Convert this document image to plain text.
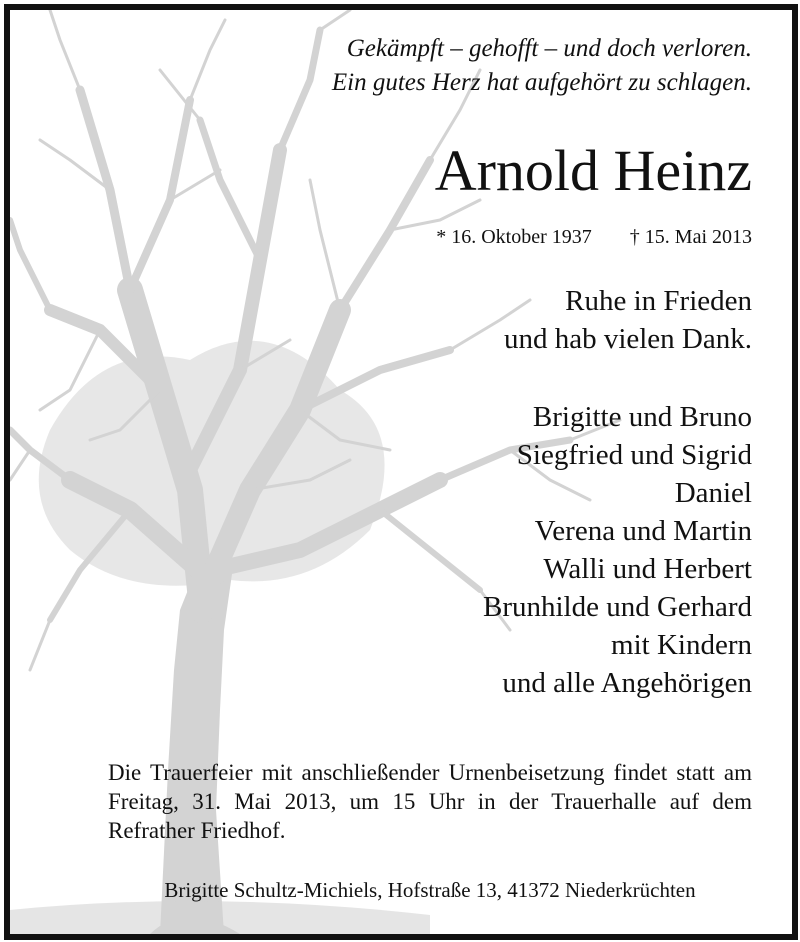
Gekämpft – gehofft – und doch verloren.
Ein gutes Herz hat aufgehört zu schlagen.
Arnold Heinz
* 16. Oktober 1937 † 15. Mai 2013
Ruhe in Frieden
und hab vielen Dank.
Brigitte und Bruno
Siegfried und Sigrid
Daniel
Verena und Martin
Walli und Herbert
Brunhilde und Gerhard
mit Kindern
und alle Angehörigen
Die Trauerfeier mit anschließender Urnenbeisetzung findet statt am Freitag, 31. Mai 2013, um 15 Uhr in der Trauerhalle auf dem Refrather Friedhof.
Brigitte Schultz-Michiels, Hofstraße 13, 41372 Niederkrüchten
